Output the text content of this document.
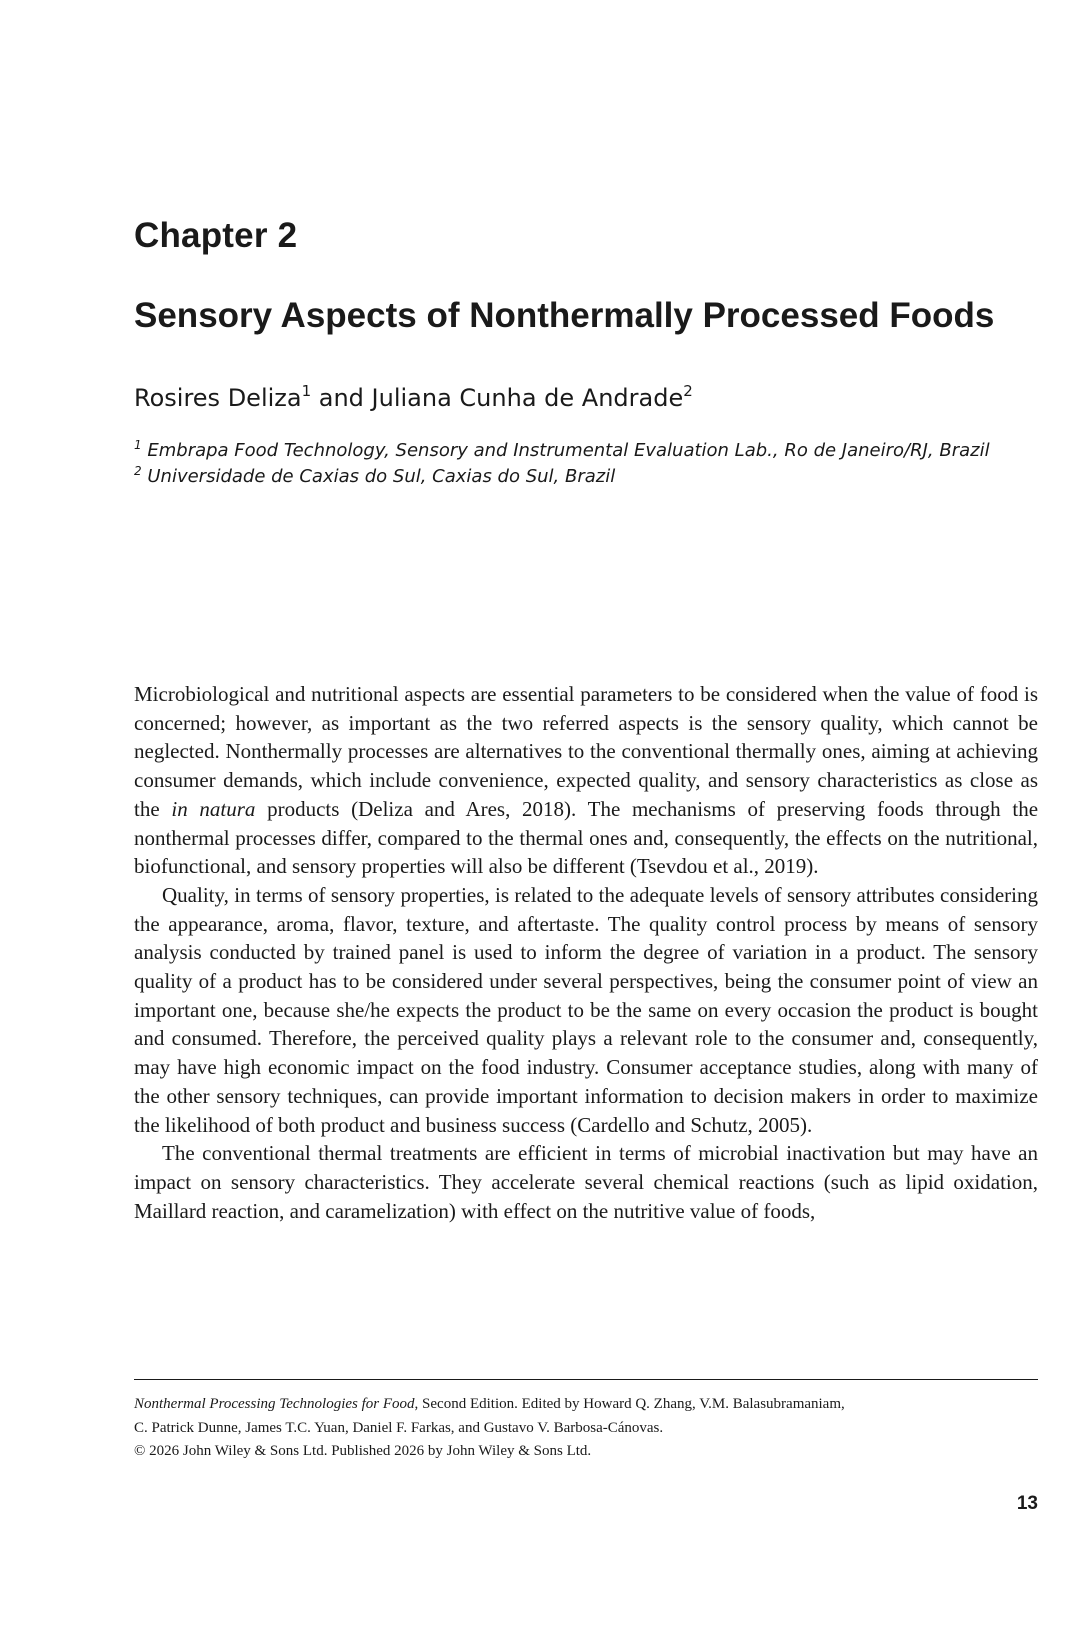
Chapter 2
Sensory Aspects of Nonthermally Processed Foods
Rosires Deliza$^1$ and Juliana Cunha de Andrade$^2$
$^1$ Embrapa Food Technology, Sensory and Instrumental Evaluation Lab., Ro de Janeiro/RJ, Brazil
$^2$ Universidade de Caxias do Sul, Caxias do Sul, Brazil

Microbiological and nutritional aspects are essential parameters to be considered when the value of food is concerned; however, as important as the two referred aspects is the sensory quality, which cannot be neglected. Nonthermally processes are alternatives to the conventional thermally ones, aiming at achieving consumer demands, which include convenience, expected quality, and sensory characteristics as close as the in natura products (Deliza and Ares, 2018). The mechanisms of preserving foods through the nonthermal processes differ, compared to the thermal ones and, consequently, the effects on the nutritional, biofunctional, and sensory properties will also be different (Tsevdou et al., 2019).

Quality, in terms of sensory properties, is related to the adequate levels of sensory attributes considering the appearance, aroma, flavor, texture, and aftertaste. The quality control process by means of sensory analysis conducted by trained panel is used to inform the degree of variation in a product. The sensory quality of a product has to be considered under several perspectives, being the consumer point of view an important one, because she/he expects the product to be the same on every occasion the product is bought and consumed. Therefore, the perceived quality plays a relevant role to the consumer and, consequently, may have high economic impact on the food industry. Consumer acceptance studies, along with many of the other sensory techniques, can provide important information to decision makers in order to maximize the likelihood of both product and business success (Cardello and Schutz, 2005).

The conventional thermal treatments are efficient in terms of microbial inactivation but may have an impact on sensory characteristics. They accelerate several chemical reactions (such as lipid oxidation, Maillard reaction, and caramelization) with effect on the nutritive value of foods,

Nonthermal Processing Technologies for Food, Second Edition. Edited by Howard Q. Zhang, V.M. Balasubramaniam,
C. Patrick Dunne, James T.C. Yuan, Daniel F. Farkas, and Gustavo V. Barbosa-Cánovas.
© 2026 John Wiley & Sons Ltd. Published 2026 by John Wiley & Sons Ltd.
13
